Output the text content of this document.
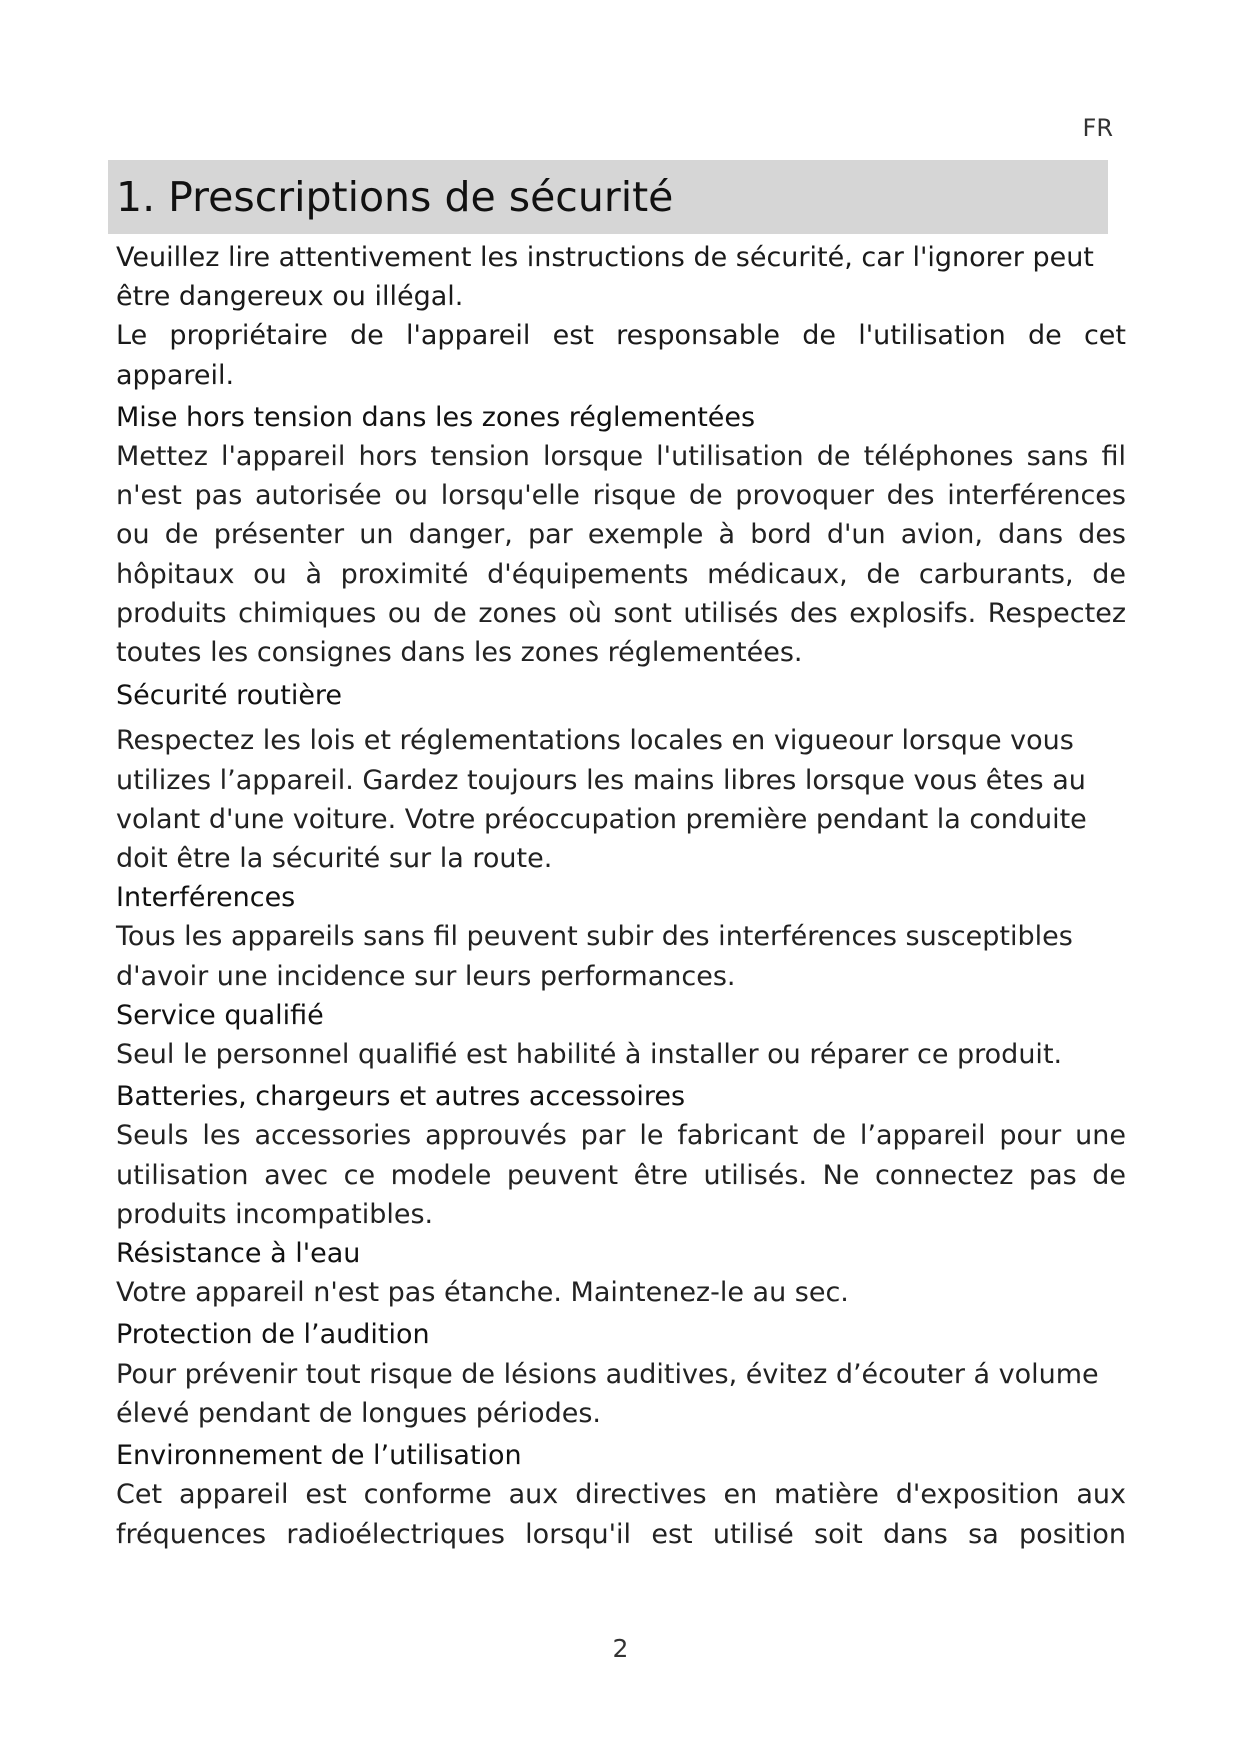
FR
1. Prescriptions de sécurité

Veuillez lire attentivement les instructions de sécurité, car l'ignorer peut être dangereux ou illégal.

Le propriétaire de l'appareil est responsable de l'utilisation de cet appareil.

Mise hors tension dans les zones réglementées

Mettez l'appareil hors tension lorsque l'utilisation de téléphones sans fil n'est pas autorisée ou lorsqu'elle risque de provoquer des interférences ou de présenter un danger, par exemple à bord d'un avion, dans des hôpitaux ou à proximité d'équipements médicaux, de carburants, de produits chimiques ou de zones où sont utilisés des explosifs. Respectez toutes les consignes dans les zones réglementées.

Sécurité routière

Respectez les lois et réglementations locales en vigueour lorsque vous utilizes l’appareil. Gardez toujours les mains libres lorsque vous êtes au volant d'une voiture. Votre préoccupation première pendant la conduite doit être la sécurité sur la route.

Interférences

Tous les appareils sans fil peuvent subir des interférences susceptibles d'avoir une incidence sur leurs performances.

Service qualifié

Seul le personnel qualifié est habilité à installer ou réparer ce produit.

Batteries, chargeurs et autres accessoires

Seuls les accessories approuvés par le fabricant de l’appareil pour une utilisation avec ce modele peuvent être utilisés. Ne connectez pas de produits incompatibles.

Résistance à l'eau

Votre appareil n'est pas étanche. Maintenez-le au sec.

Protection de l’audition

Pour prévenir tout risque de lésions auditives, évitez d’écouter á volume élevé pendant de longues périodes.

Environnement de l’utilisation

Cet appareil est conforme aux directives en matière d'exposition aux fréquences radioélectriques lorsqu'il est utilisé soit dans sa position

2
